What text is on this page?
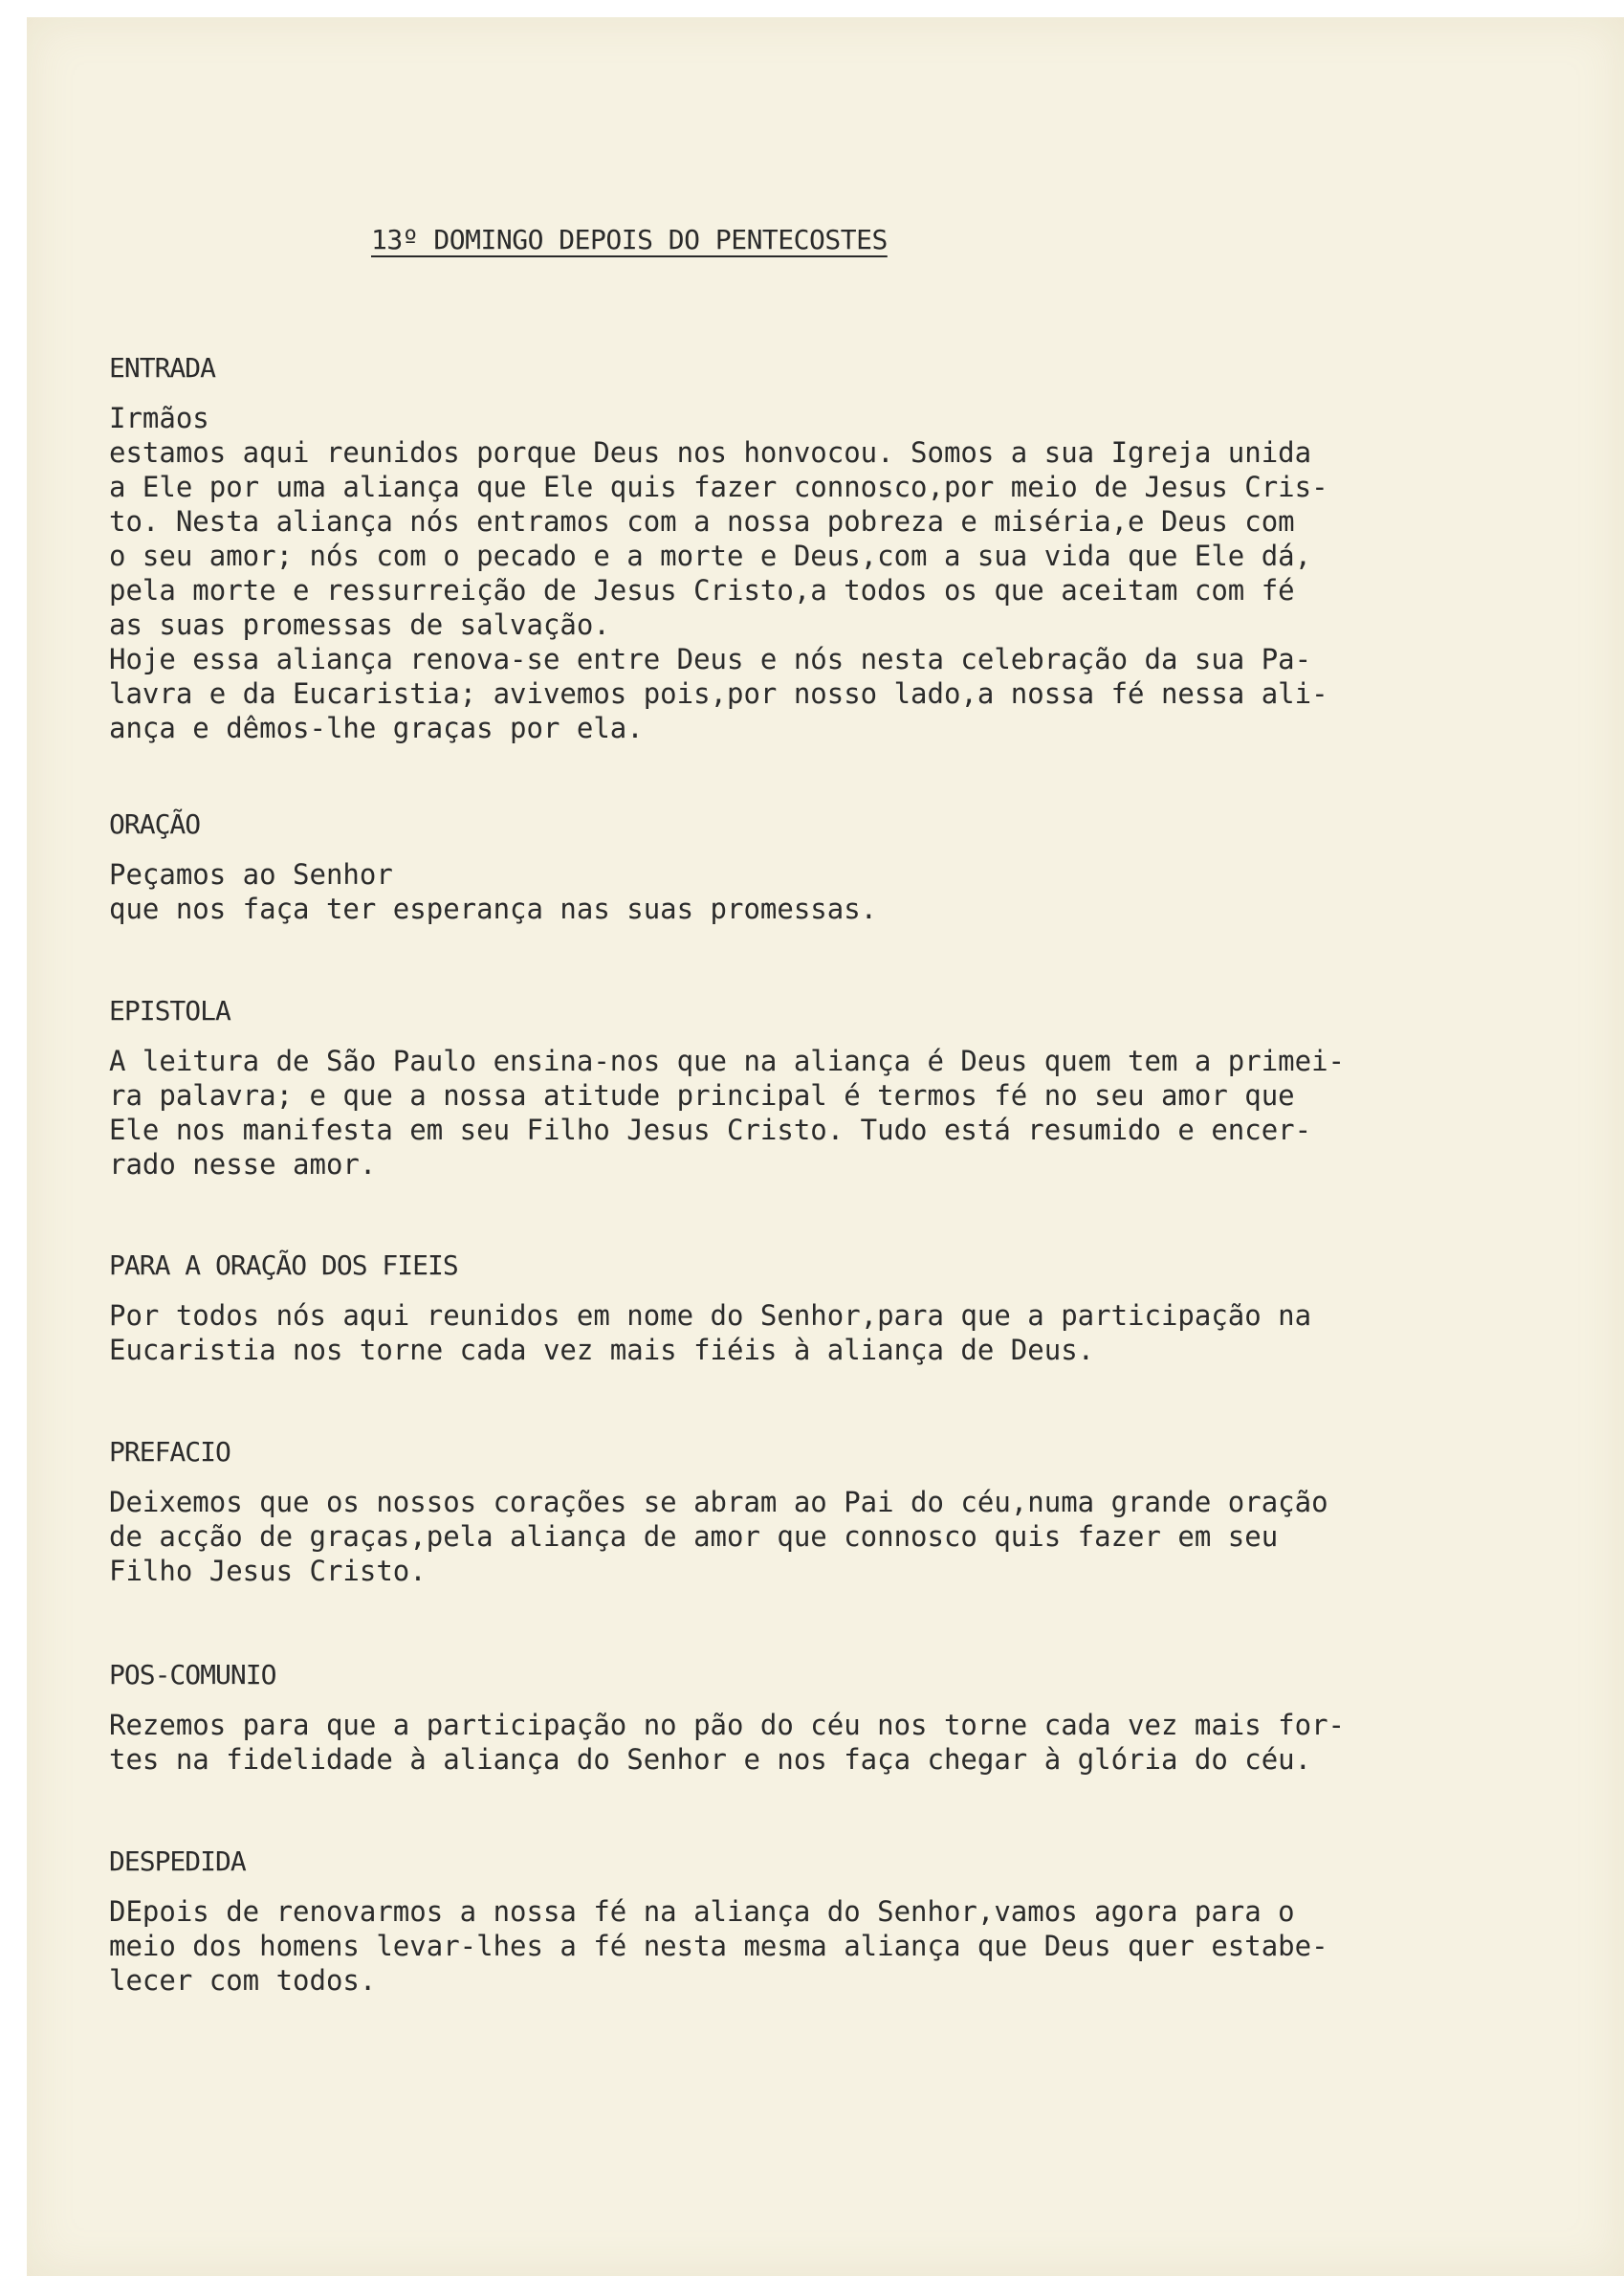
13º DOMINGO DEPOIS DO PENTECOSTES
ENTRADA
Irmãos
estamos aqui reunidos porque Deus nos honvocou. Somos a sua Igreja unida
a Ele por uma aliança que Ele quis fazer connosco,por meio de Jesus Cris-
to. Nesta aliança nós entramos com a nossa pobreza e miséria,e Deus com
o seu amor; nós com o pecado e a morte e Deus,com a sua vida que Ele dá,
pela morte e ressurreição de Jesus Cristo,a todos os que aceitam com fé
as suas promessas de salvação.
Hoje essa aliança renova-se entre Deus e nós nesta celebração da sua Pa-
lavra e da Eucaristia; avivemos pois,por nosso lado,a nossa fé nessa ali-
ança e dêmos-lhe graças por ela.
ORAÇÃO
Peçamos ao Senhor
que nos faça ter esperança nas suas promessas.
EPISTOLA
A leitura de São Paulo ensina-nos que na aliança é Deus quem tem a primei-
ra palavra; e que a nossa atitude principal é termos fé no seu amor que
Ele nos manifesta em seu Filho Jesus Cristo. Tudo está resumido e encer-
rado nesse amor.
PARA A ORAÇÃO DOS FIEIS
Por todos nós aqui reunidos em nome do Senhor,para que a participação na
Eucaristia nos torne cada vez mais fiéis à aliança de Deus.
PREFACIO
Deixemos que os nossos corações se abram ao Pai do céu,numa grande oração
de acção de graças,pela aliança de amor que connosco quis fazer em seu
Filho Jesus Cristo.
POS-COMUNIO
Rezemos para que a participação no pão do céu nos torne cada vez mais for-
tes na fidelidade à aliança do Senhor e nos faça chegar à glória do céu.
DESPEDIDA
DEpois de renovarmos a nossa fé na aliança do Senhor,vamos agora para o
meio dos homens levar-lhes a fé nesta mesma aliança que Deus quer estabe-
lecer com todos.
